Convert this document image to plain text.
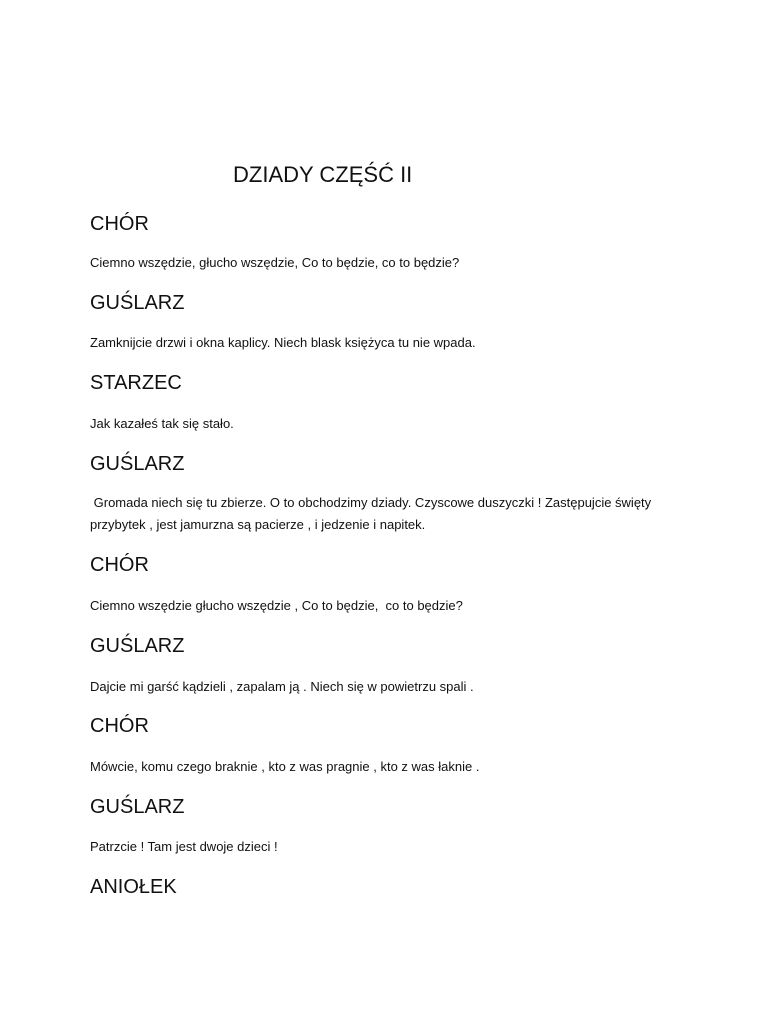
DZIADY CZĘŚĆ II
CHÓR

Ciemno wszędzie, głucho wszędzie, Co to będzie, co to będzie?

GUŚLARZ

Zamknijcie drzwi i okna kaplicy. Niech blask księżyca tu nie wpada.

STARZEC

Jak kazałeś tak się stało.

GUŚLARZ

Gromada niech się tu zbierze. O to obchodzimy dziady. Czyscowe duszyczki ! Zastępujcie święty przybytek , jest jamurzna są pacierze , i jedzenie i napitek.

CHÓR

Ciemno wszędzie głucho wszędzie , Co to będzie,  co to będzie?

GUŚLARZ

Dajcie mi garść kądzieli , zapalam ją . Niech się w powietrzu spali .

CHÓR

Mówcie, komu czego braknie , kto z was pragnie , kto z was łaknie .

GUŚLARZ

Patrzcie ! Tam jest dwoje dzieci !

ANIOŁEK
